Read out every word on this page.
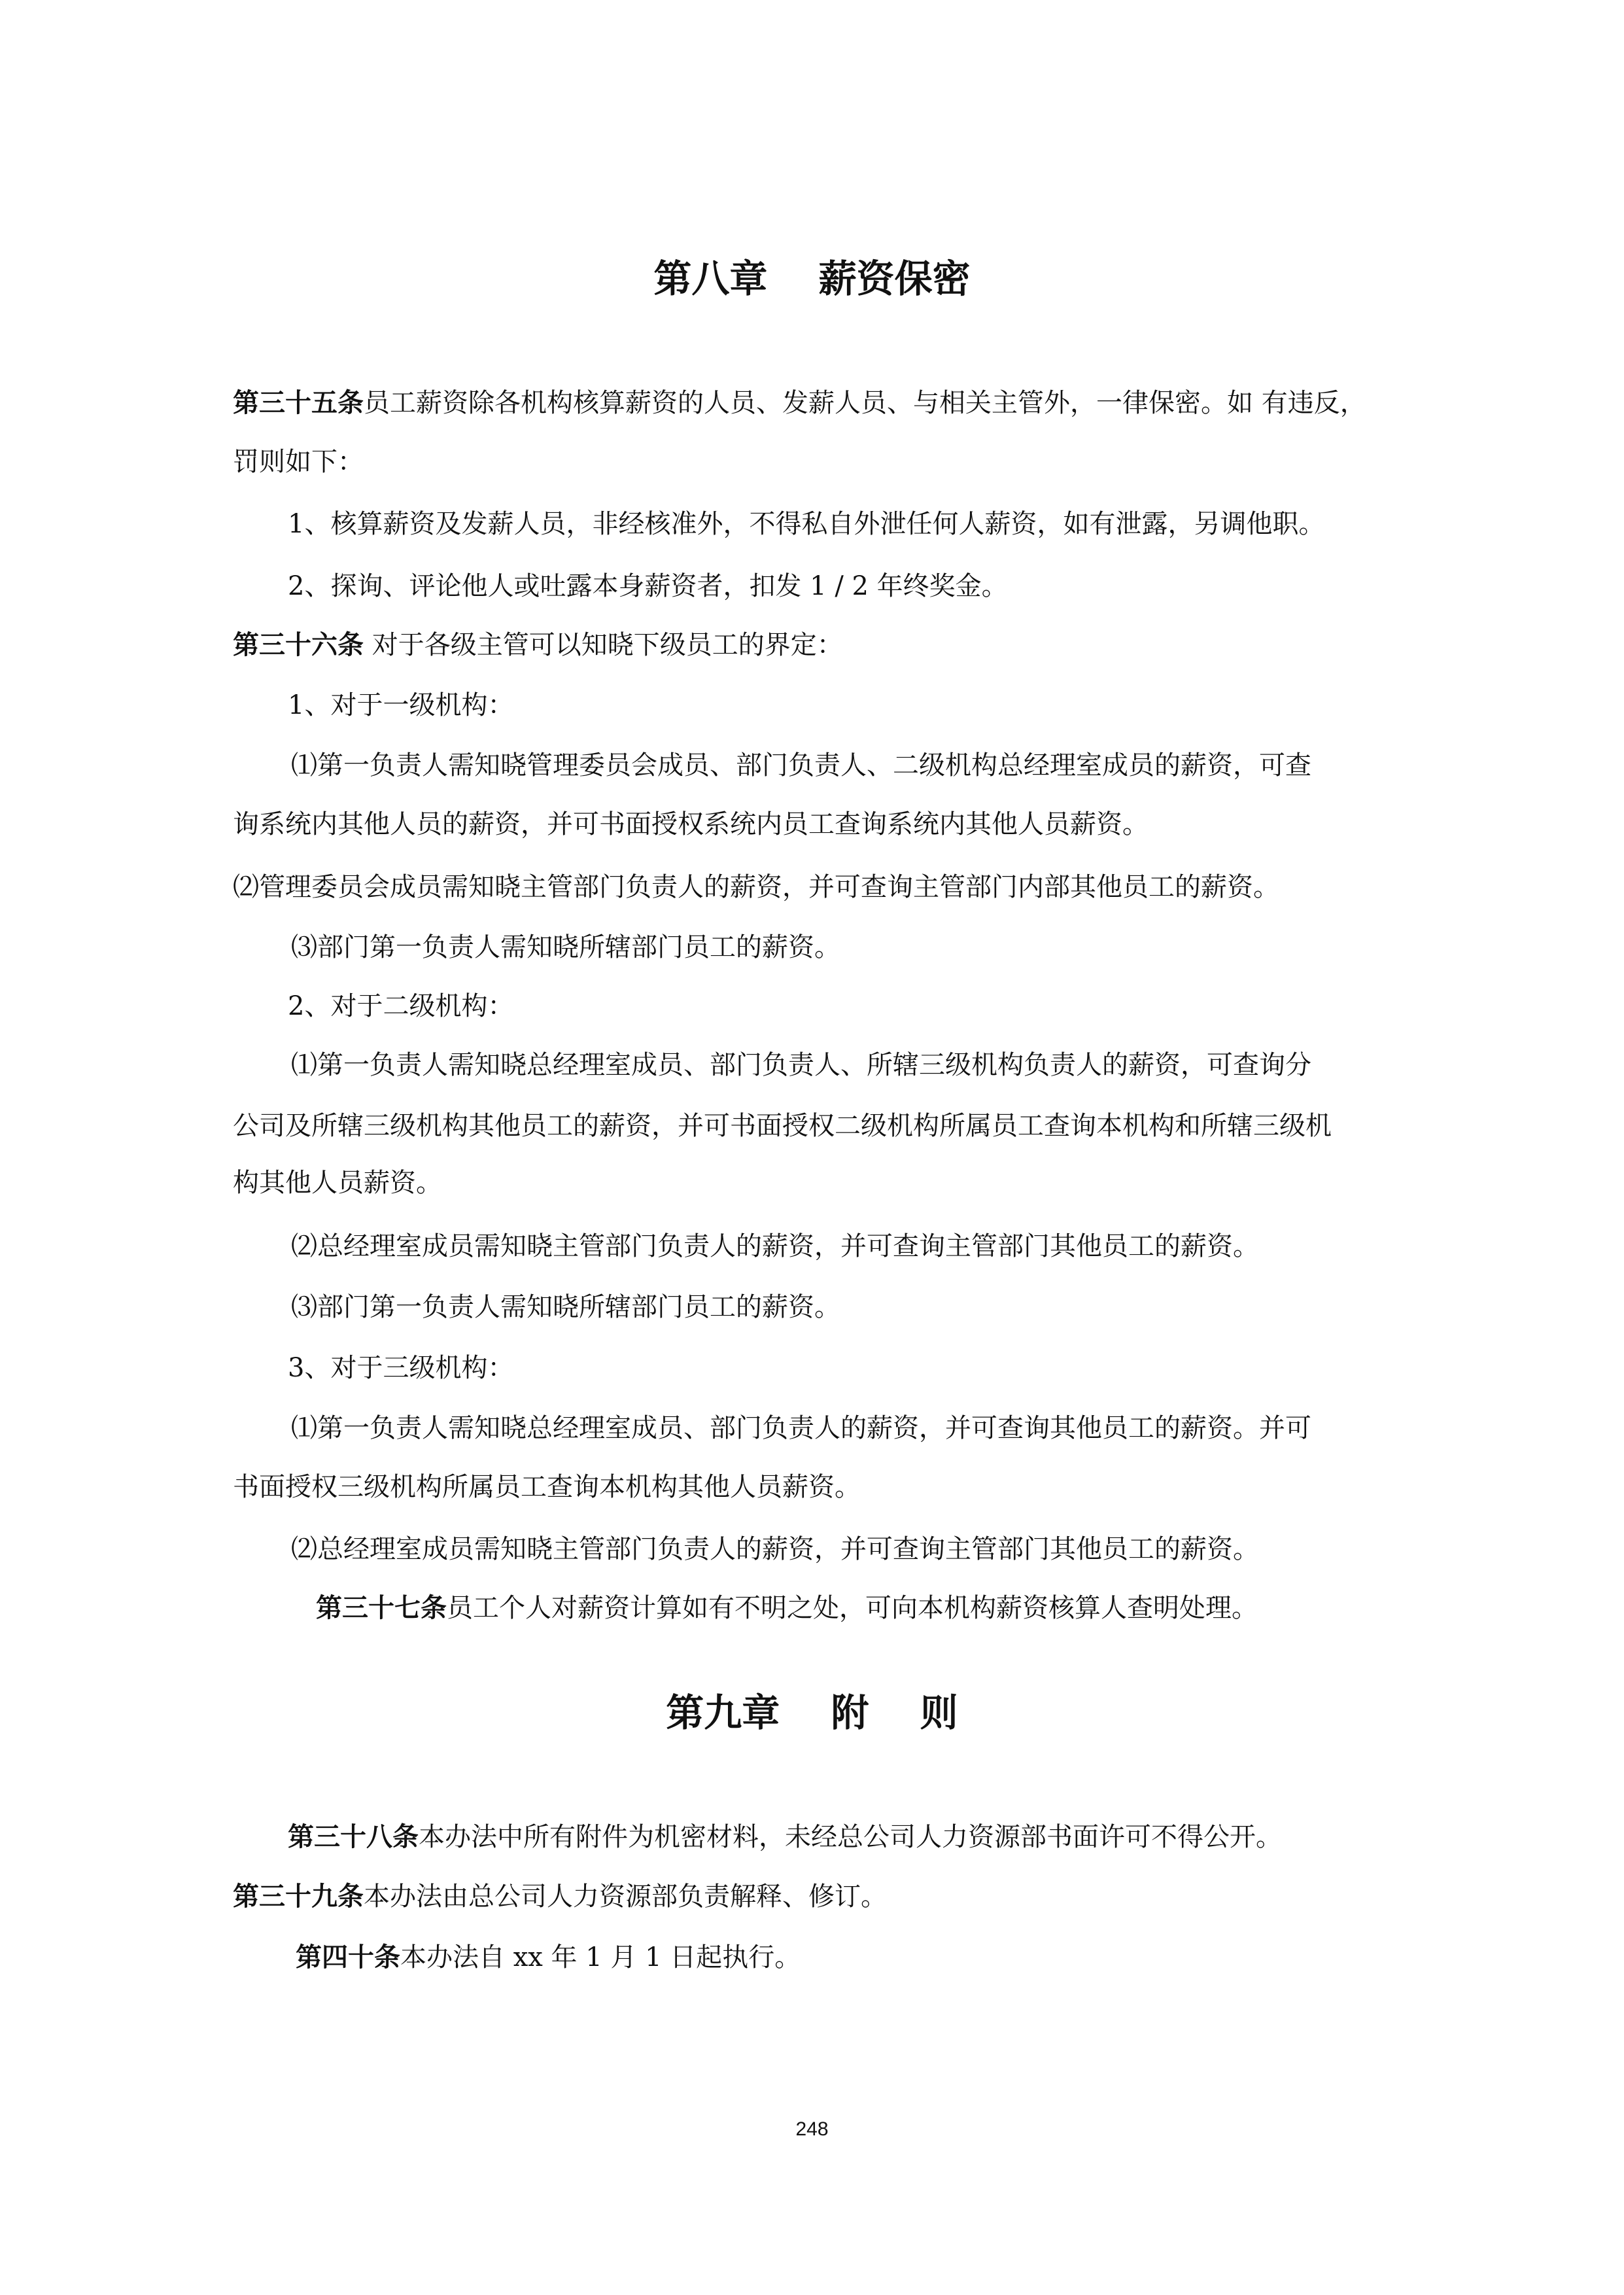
第八章　 薪资保密

第三十五条员工薪资除各机构核算薪资的人员、发薪人员、与相关主管外，一律保密。如 有违反，

罚则如下：

1、核算薪资及发薪人员，非经核准外，不得私自外泄任何人薪资，如有泄露，另调他职。

2、探询、评论他人或吐露本身薪资者，扣发 1 / 2 年终奖金。

第三十六条 对于各级主管可以知晓下级员工的界定：

1、对于一级机构：

⑴第一负责人需知晓管理委员会成员、部门负责人、二级机构总经理室成员的薪资，可查

询系统内其他人员的薪资，并可书面授权系统内员工查询系统内其他人员薪资。

⑵管理委员会成员需知晓主管部门负责人的薪资，并可查询主管部门内部其他员工的薪资。

⑶部门第一负责人需知晓所辖部门员工的薪资。

2、对于二级机构：

⑴第一负责人需知晓总经理室成员、部门负责人、所辖三级机构负责人的薪资，可查询分

公司及所辖三级机构其他员工的薪资，并可书面授权二级机构所属员工查询本机构和所辖三级机

构其他人员薪资。

⑵总经理室成员需知晓主管部门负责人的薪资，并可查询主管部门其他员工的薪资。

⑶部门第一负责人需知晓所辖部门员工的薪资。

3、对于三级机构：

⑴第一负责人需知晓总经理室成员、部门负责人的薪资，并可查询其他员工的薪资。并可

书面授权三级机构所属员工查询本机构其他人员薪资。

⑵总经理室成员需知晓主管部门负责人的薪资，并可查询主管部门其他员工的薪资。

第三十七条员工个人对薪资计算如有不明之处，可向本机构薪资核算人查明处理。

第九章　 附　 则

第三十八条本办法中所有附件为机密材料，未经总公司人力资源部书面许可不得公开。

第三十九条本办法由总公司人力资源部负责解释、修订。

第四十条本办法自 xx 年 1 月 1 日起执行。

248
